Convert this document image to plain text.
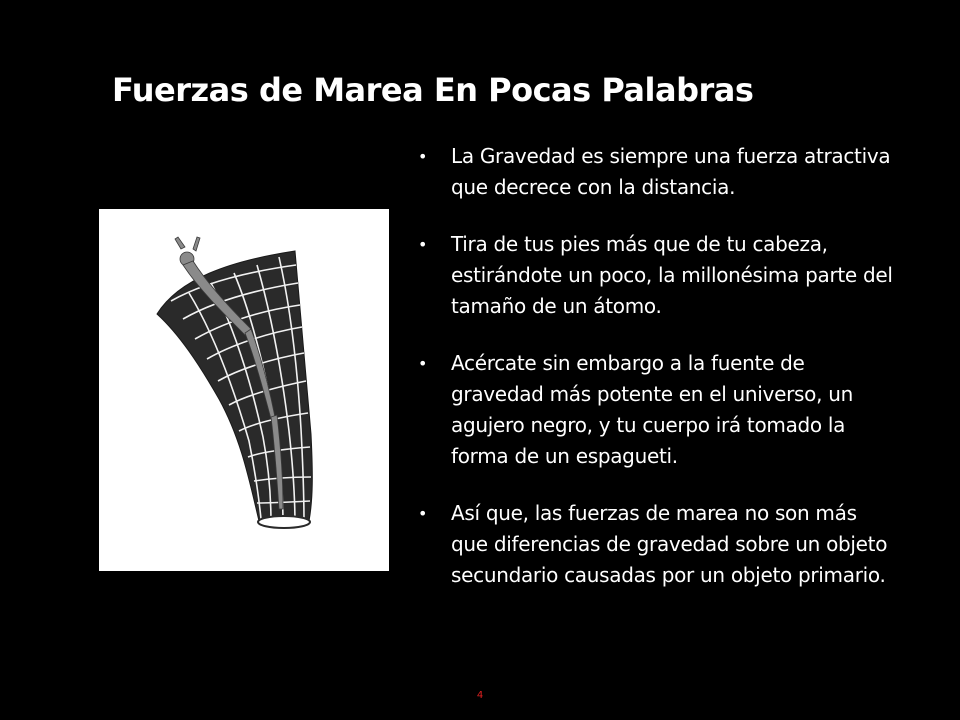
Fuerzas de Marea En Pocas Palabras
• La Gravedad es siempre una fuerza atractiva que decrece con la distancia.
• Tira de tus pies más que de tu cabeza, estirándote un poco, la millonésima parte del tamaño de un átomo.
• Acércate sin embargo a la fuente de gravedad más potente en el universo, un agujero negro, y tu cuerpo irá tomado la forma de un espagueti.
• Así que, las fuerzas de marea no son más que diferencias de gravedad sobre un objeto secundario causadas por un objeto primario.
4
